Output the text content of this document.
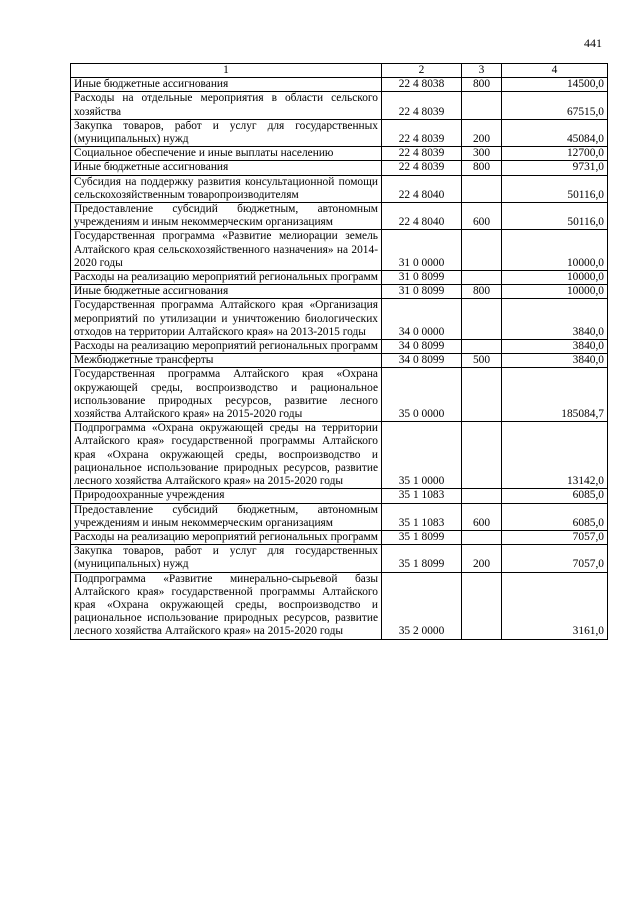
441
1	2	3	4
Иные бюджетные ассигнования	22 4 8038	800	14500,0
Расходы на отдельные мероприятия в области сельского хозяйства	22 4 8039		67515,0
Закупка товаров, работ и услуг для государственных (муниципальных) нужд	22 4 8039	200	45084,0
Социальное обеспечение и иные выплаты населению	22 4 8039	300	12700,0
Иные бюджетные ассигнования	22 4 8039	800	9731,0
Субсидия на поддержку развития консультационной помощи сельскохозяйственным товаропроизводителям	22 4 8040		50116,0
Предоставление субсидий бюджетным, автономным учреждениям и иным некоммерческим организациям	22 4 8040	600	50116,0
Государственная программа «Развитие мелиорации земель Алтайского края сельскохозяйственного назначения» на 2014-2020 годы	31 0 0000		10000,0
Расходы на реализацию мероприятий региональных программ	31 0 8099		10000,0
Иные бюджетные ассигнования	31 0 8099	800	10000,0
Государственная программа Алтайского края «Организация мероприятий по утилизации и уничтожению биологических отходов на территории Алтайского края» на 2013-2015 годы	34 0 0000		3840,0
Расходы на реализацию мероприятий региональных программ	34 0 8099		3840,0
Межбюджетные трансферты	34 0 8099	500	3840,0
Государственная программа Алтайского края «Охрана окружающей среды, воспроизводство и рациональное использование природных ресурсов, развитие лесного хозяйства Алтайского края» на 2015-2020 годы	35 0 0000		185084,7
Подпрограмма «Охрана окружающей среды на территории Алтайского края» государственной программы Алтайского края «Охрана окружающей среды, воспроизводство и рациональное использование природных ресурсов, развитие лесного хозяйства Алтайского края» на 2015-2020 годы	35 1 0000		13142,0
Природоохранные учреждения	35 1 1083		6085,0
Предоставление субсидий бюджетным, автономным учреждениям и иным некоммерческим организациям	35 1 1083	600	6085,0
Расходы на реализацию мероприятий региональных программ	35 1 8099		7057,0
Закупка товаров, работ и услуг для государственных (муниципальных) нужд	35 1 8099	200	7057,0
Подпрограмма «Развитие минерально-сырьевой базы Алтайского края» государственной программы Алтайского края «Охрана окружающей среды, воспроизводство и рациональное использование природных ресурсов, развитие лесного хозяйства Алтайского края» на 2015-2020 годы	35 2 0000		3161,0
